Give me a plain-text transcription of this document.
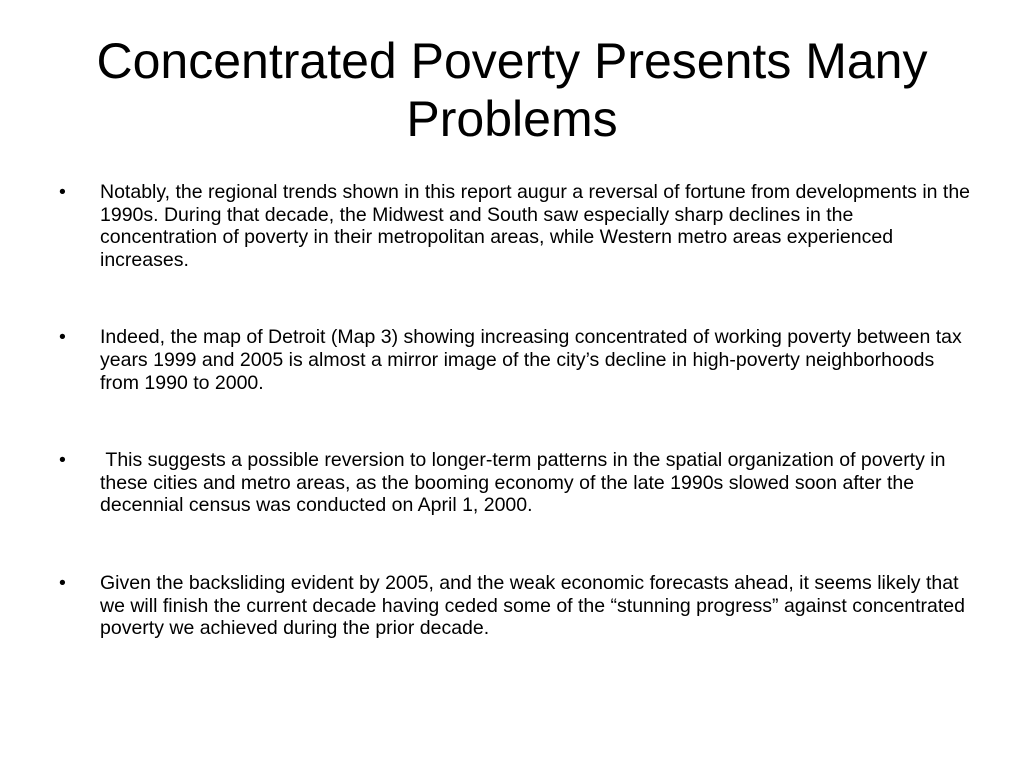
Concentrated Poverty Presents Many Problems
• Notably, the regional trends shown in this report augur a reversal of fortune from developments in the 1990s. During that decade, the Midwest and South saw especially sharp declines in the concentration of poverty in their metropolitan areas, while Western metro areas experienced increases.
• Indeed, the map of Detroit (Map 3) showing increasing concentrated of working poverty between tax years 1999 and 2005 is almost a mirror image of the city’s decline in high-poverty neighborhoods from 1990 to 2000.
• This suggests a possible reversion to longer-term patterns in the spatial organization of poverty in these cities and metro areas, as the booming economy of the late 1990s slowed soon after the decennial census was conducted on April 1, 2000.
• Given the backsliding evident by 2005, and the weak economic forecasts ahead, it seems likely that we will finish the current decade having ceded some of the “stunning progress” against concentrated poverty we achieved during the prior decade.
